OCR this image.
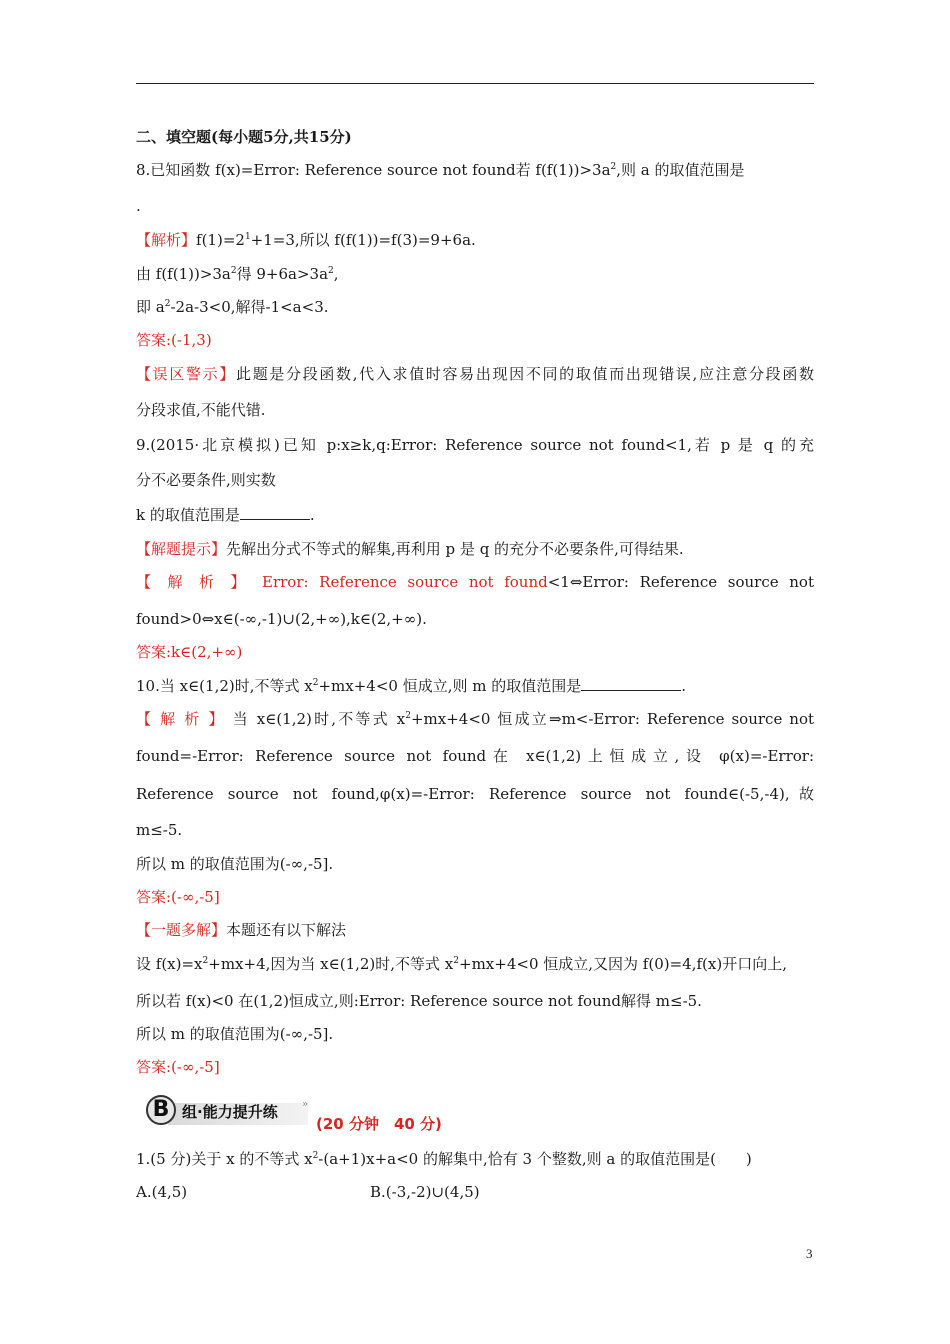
二、填空题(每小题5分,共15分)
8.已知函数 f(x)=Error: Reference source not found若 $f(f(1))>3a^2$,则 a 的取值范围是
.
【解析】$f(1)=2^1+1=3$,所以 f(f(1))=f(3)=9+6a.
由 $f(f(1))>3a^2$得 $9+6a>3a^2$,
即 $a^2-2a-3<0$,解得-1<a<3.
答案:(-1,3)
【误区警示】此题是分段函数,代入求值时容易出现因不同的取值而出现错误,应注意分段函数
分段求值,不能代错.
9.(2015·北京模拟)已知 p:x≥k,q:Error: Reference source not found<1,若 p 是 q 的充
分不必要条件,则实数
k 的取值范围是	.
【解题提示】先解出分式不等式的解集,再利用 p 是 q 的充分不必要条件,可得结果.
【 解 析 】 Error: Reference source not found<1⇔Error: Reference source not
found>0⇔x∈(-∞,-1)∪(2,+∞),k∈(2,+∞).
答案:k∈(2,+∞)
10.当 x∈(1,2)时,不等式 $x^2+mx+4<0$ 恒成立,则 m 的取值范围是	.
【 解 析 】 当 x∈(1,2)时,不等式 $x^2+mx+4<0$ 恒成立⇒m<-Error: Reference source not
found=-Error: Reference source not found在 x∈(1,2)上恒成立,设 φ(x)=-Error:
Reference source not found,φ(x)=-Error: Reference source not found∈(-5,-4),故
m≤-5.
所以 m 的取值范围为(-∞,-5].
答案:(-∞,-5]
【一题多解】本题还有以下解法
设 $f(x)=x^2+mx+4$,因为当 x∈(1,2)时,不等式 $x^2+mx+4<0$ 恒成立,又因为 f(0)=4,f(x)开口向上,
所以若 f(x)<0 在(1,2)恒成立,则:Error: Reference source not found解得 m≤-5.
所以 m 的取值范围为(-∞,-5].
答案:(-∞,-5]
B 组·能力提升练 »
(20 分钟　40 分)
1.(5 分)关于 x 的不等式 $x^2-(a+1)x+a<0$ 的解集中,恰有 3 个整数,则 a 的取值范围是(　　)
A.(4,5)	B.(-3,-2)∪(4,5)
3
